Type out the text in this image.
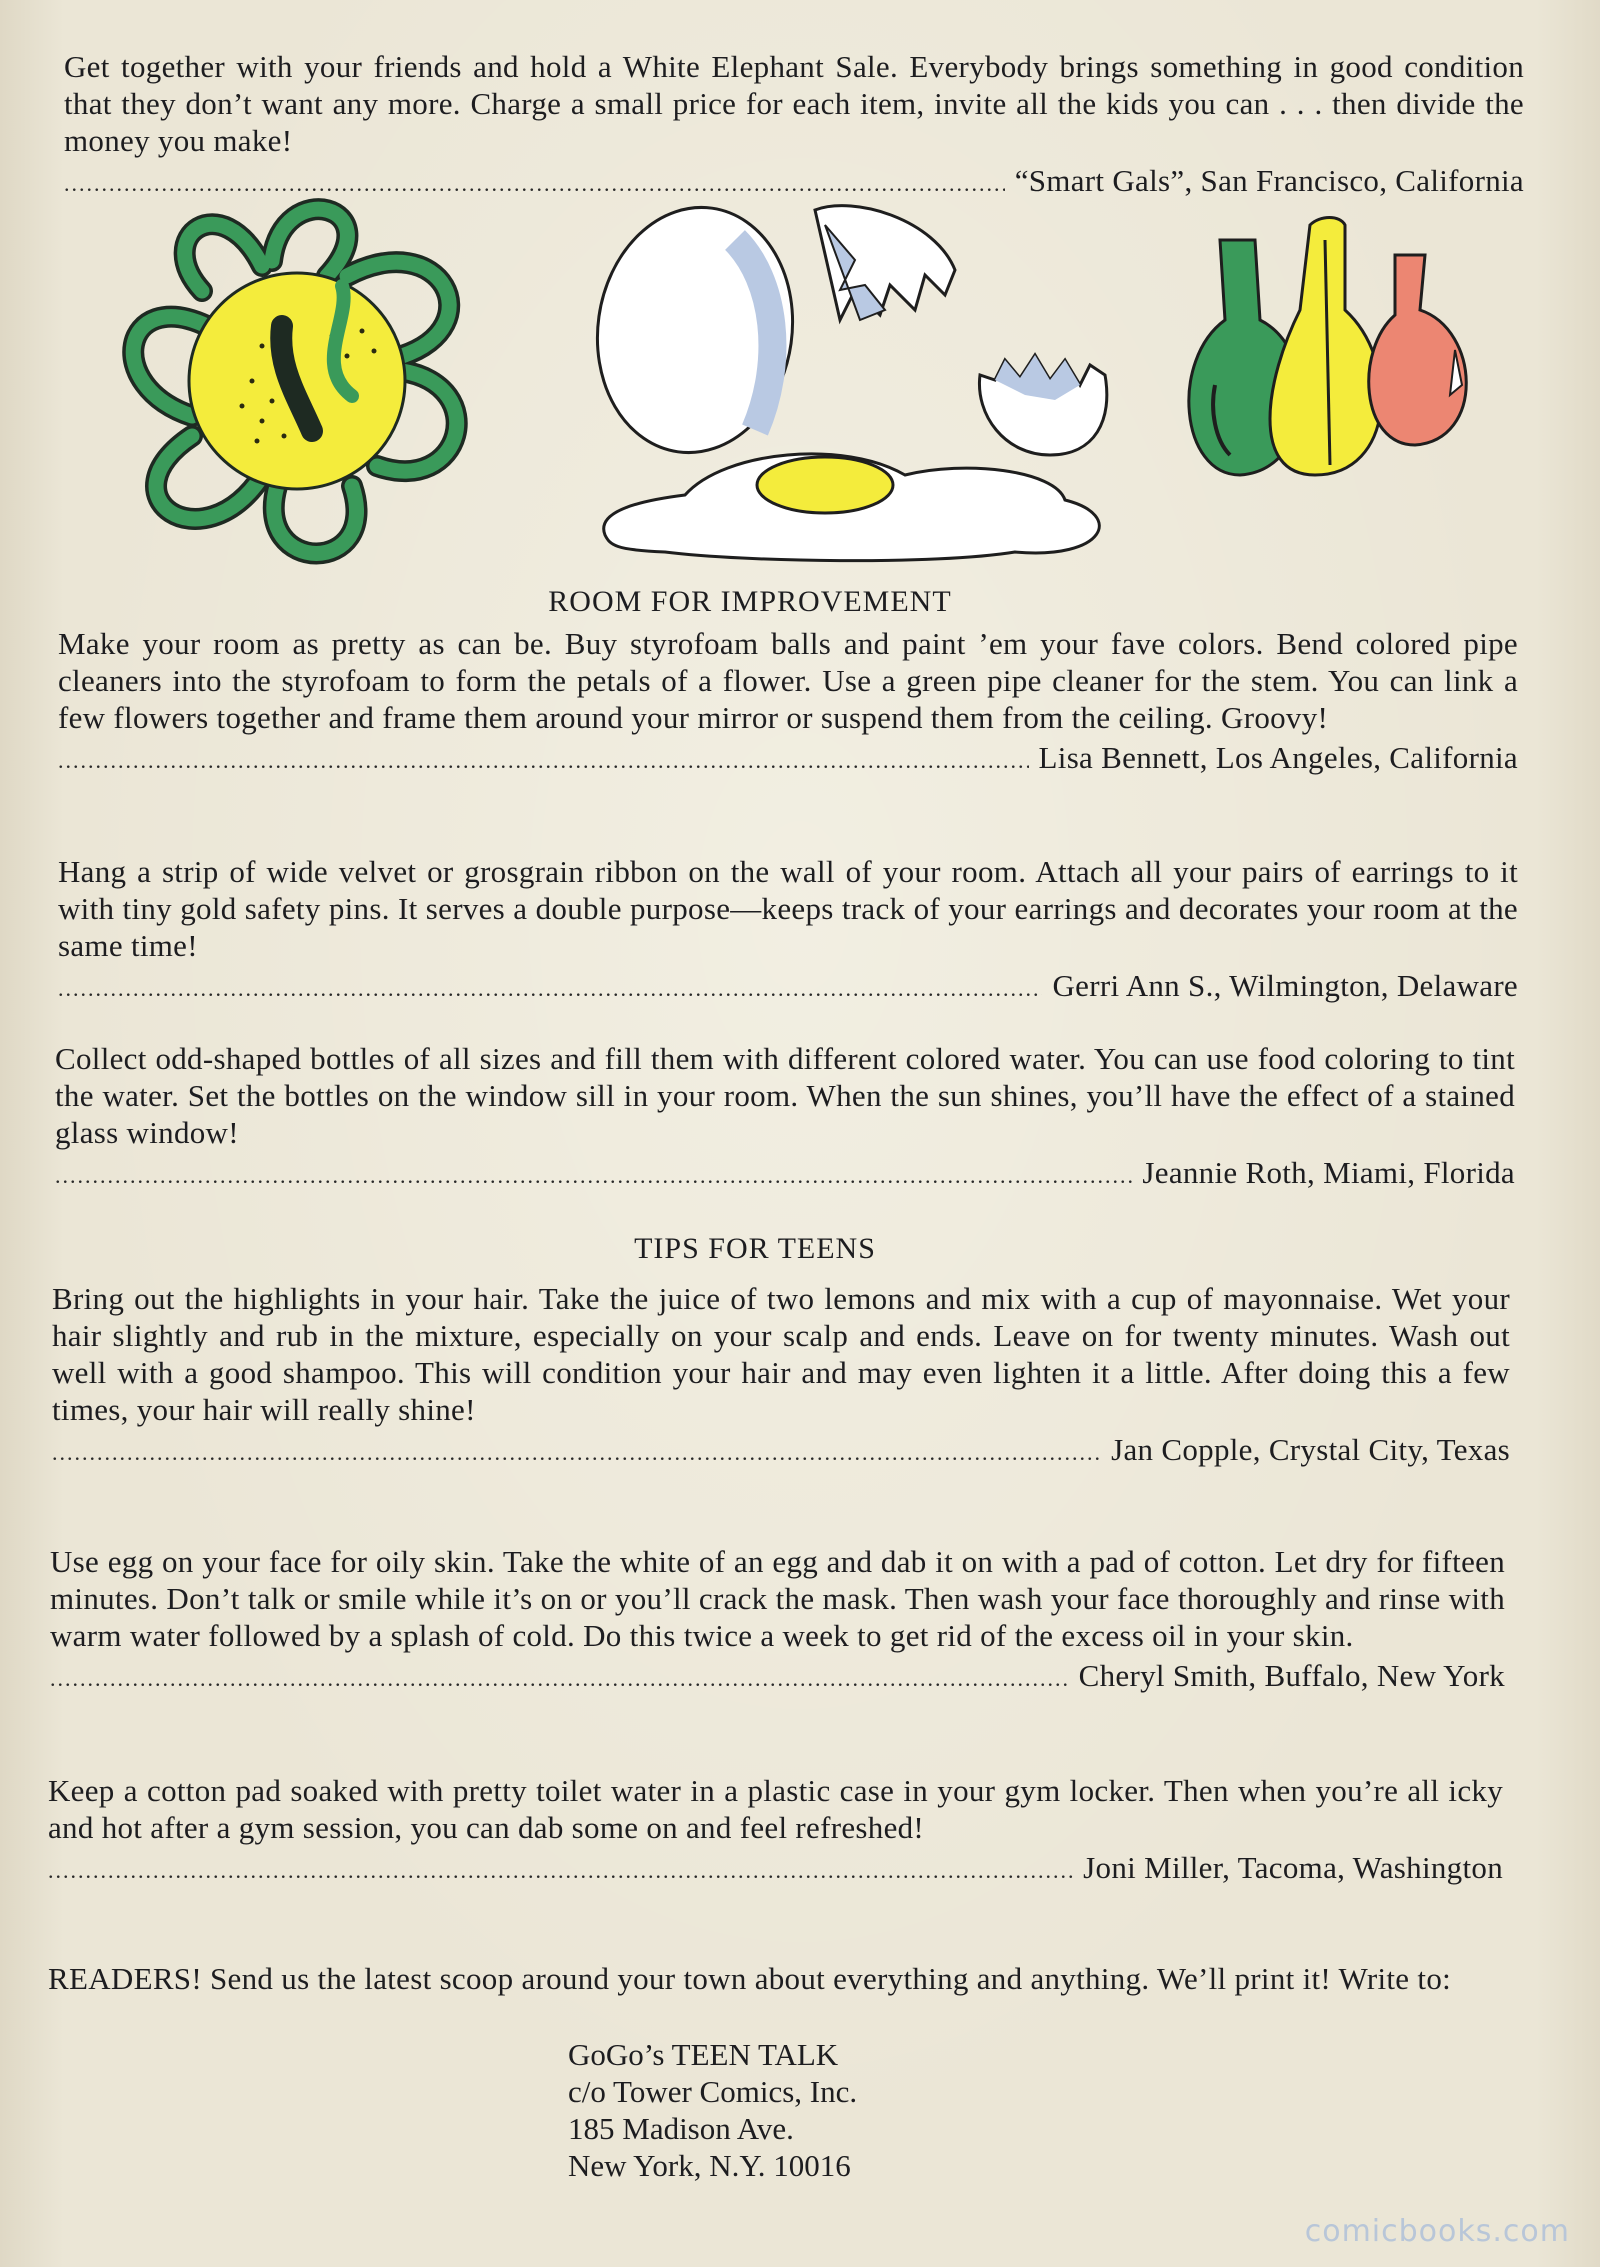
Get together with your friends and hold a White Elephant Sale. Everybody brings something in good condition that they don’t want any more. Charge a small price for each item, invite all the kids you can . . . then divide the money you make!
.....
“Smart Gals”, San Francisco, California
ROOM FOR IMPROVEMENT
Make your room as pretty as can be. Buy styrofoam balls and paint ’em your fave colors. Bend colored pipe cleaners into the styrofoam to form the petals of a flower. Use a green pipe cleaner for the stem. You can link a few flowers together and frame them around your mirror or suspend them from the ceiling. Groovy!
.....
Lisa Bennett, Los Angeles, California
Hang a strip of wide velvet or grosgrain ribbon on the wall of your room. Attach all your pairs of earrings to it with tiny gold safety pins. It serves a double purpose—keeps track of your earrings and decorates your room at the same time!
.....
Gerri Ann S., Wilmington, Delaware
Collect odd-shaped bottles of all sizes and fill them with different colored water. You can use food coloring to tint the water. Set the bottles on the window sill in your room. When the sun shines, you’ll have the effect of a stained glass window!
.....
Jeannie Roth, Miami, Florida
TIPS FOR TEENS
Bring out the highlights in your hair. Take the juice of two lemons and mix with a cup of mayonnaise. Wet your hair slightly and rub in the mixture, especially on your scalp and ends. Leave on for twenty minutes. Wash out well with a good shampoo. This will condition your hair and may even lighten it a little. After doing this a few times, your hair will really shine!
.....
Jan Copple, Crystal City, Texas
Use egg on your face for oily skin. Take the white of an egg and dab it on with a pad of cotton. Let dry for fifteen minutes. Don’t talk or smile while it’s on or you’ll crack the mask. Then wash your face thoroughly and rinse with warm water followed by a splash of cold. Do this twice a week to get rid of the excess oil in your skin.
.....
Cheryl Smith, Buffalo, New York
Keep a cotton pad soaked with pretty toilet water in a plastic case in your gym locker. Then when you’re all icky and hot after a gym session, you can dab some on and feel refreshed!
.....
Joni Miller, Tacoma, Washington
READERS! Send us the latest scoop around your town about everything and anything. We’ll print it! Write to:
GoGo’s TEEN TALK
c/o Tower Comics, Inc.
185 Madison Ave.
New York, N.Y. 10016
comicbooks.com
